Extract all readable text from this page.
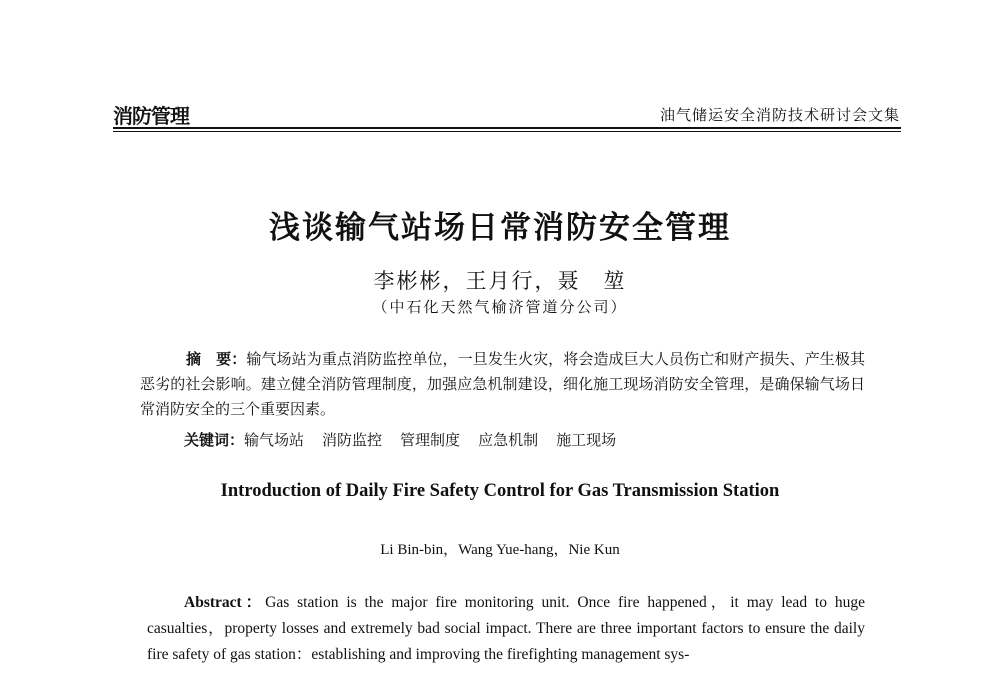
消防管理	油气储运安全消防技术研讨会文集
浅谈输气站场日常消防安全管理
李彬彬，王月行，聂　堃
（中石化天然气榆济管道分公司）
摘　要：输气场站为重点消防监控单位，一旦发生火灾，将会造成巨大人员伤亡和财产损失、产生极其恶劣的社会影响。建立健全消防管理制度，加强应急机制建设，细化施工现场消防安全管理，是确保输气场日常消防安全的三个重要因素。
关键词：输气场站 消防监控 管理制度 应急机制 施工现场
Introduction of Daily Fire Safety Control for Gas Transmission Station
Li Bin-bin，Wang Yue-hang，Nie Kun
Abstract：Gas station is the major fire monitoring unit. Once fire happened，it may lead to huge casualties，property losses and extremely bad social impact. There are three important factors to ensure the daily fire safety of gas station：establishing and improving the firefighting management sys-
